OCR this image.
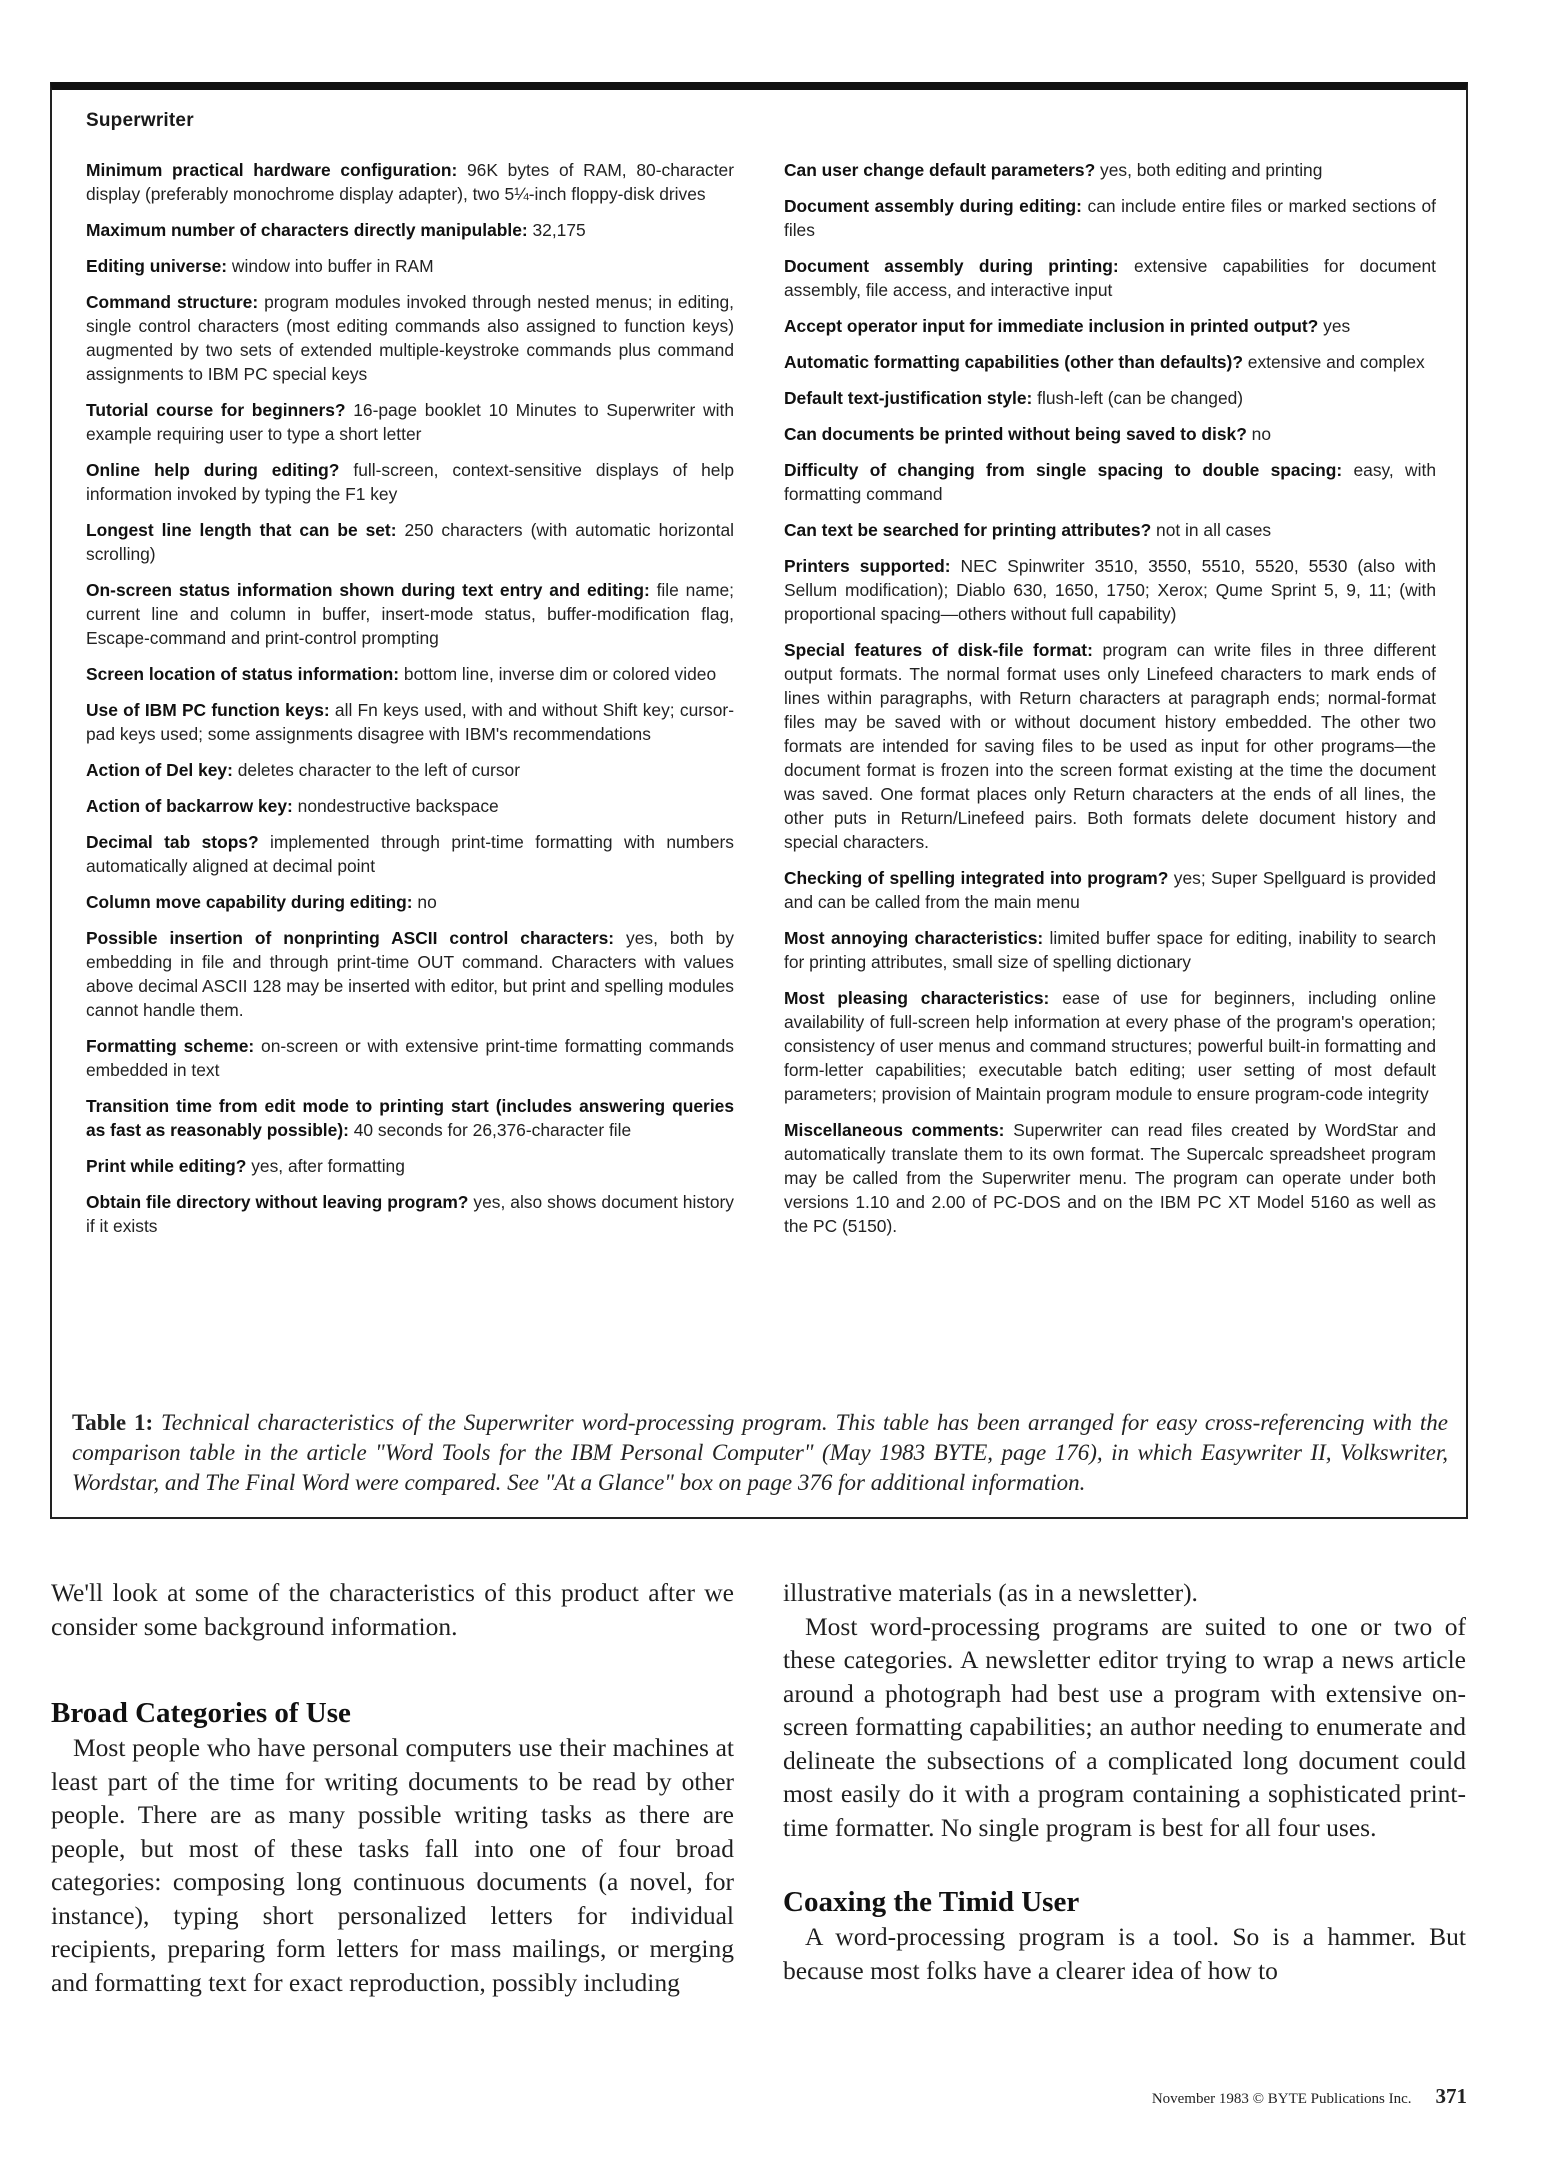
Superwriter

Minimum practical hardware configuration: 96K bytes of RAM, 80-character display (preferably monochrome display adapter), two 5¼-inch floppy-disk drives

Maximum number of characters directly manipulable: 32,175

Editing universe: window into buffer in RAM

Command structure: program modules invoked through nested menus; in editing, single control characters (most editing commands also assigned to function keys) augmented by two sets of extended multiple-keystroke commands plus command assignments to IBM PC special keys

Tutorial course for beginners? 16-page booklet 10 Minutes to Superwriter with example requiring user to type a short letter

Online help during editing? full-screen, context-sensitive displays of help information invoked by typing the F1 key

Longest line length that can be set: 250 characters (with automatic horizontal scrolling)

On-screen status information shown during text entry and editing: file name; current line and column in buffer, insert-mode status, buffer-modification flag, Escape-command and print-control prompting

Screen location of status information: bottom line, inverse dim or colored video

Use of IBM PC function keys: all Fn keys used, with and without Shift key; cursor-pad keys used; some assignments disagree with IBM's recommendations

Action of Del key: deletes character to the left of cursor

Action of backarrow key: nondestructive backspace

Decimal tab stops? implemented through print-time formatting with numbers automatically aligned at decimal point

Column move capability during editing: no

Possible insertion of nonprinting ASCII control characters: yes, both by embedding in file and through print-time OUT command. Characters with values above decimal ASCII 128 may be inserted with editor, but print and spelling modules cannot handle them.

Formatting scheme: on-screen or with extensive print-time formatting commands embedded in text

Transition time from edit mode to printing start (includes answering queries as fast as reasonably possible): 40 seconds for 26,376-character file

Print while editing? yes, after formatting

Obtain file directory without leaving program? yes, also shows document history if it exists

Can user change default parameters? yes, both editing and printing

Document assembly during editing: can include entire files or marked sections of files

Document assembly during printing: extensive capabilities for document assembly, file access, and interactive input

Accept operator input for immediate inclusion in printed output? yes

Automatic formatting capabilities (other than defaults)? extensive and complex

Default text-justification style: flush-left (can be changed)

Can documents be printed without being saved to disk? no

Difficulty of changing from single spacing to double spacing: easy, with formatting command

Can text be searched for printing attributes? not in all cases

Printers supported: NEC Spinwriter 3510, 3550, 5510, 5520, 5530 (also with Sellum modification); Diablo 630, 1650, 1750; Xerox; Qume Sprint 5, 9, 11; (with proportional spacing—others without full capability)

Special features of disk-file format: program can write files in three different output formats. The normal format uses only Linefeed characters to mark ends of lines within paragraphs, with Return characters at paragraph ends; normal-format files may be saved with or without document history embedded. The other two formats are intended for saving files to be used as input for other programs—the document format is frozen into the screen format existing at the time the document was saved. One format places only Return characters at the ends of all lines, the other puts in Return/Linefeed pairs. Both formats delete document history and special characters.

Checking of spelling integrated into program? yes; Super Spellguard is provided and can be called from the main menu

Most annoying characteristics: limited buffer space for editing, inability to search for printing attributes, small size of spelling dictionary

Most pleasing characteristics: ease of use for beginners, including online availability of full-screen help information at every phase of the program's operation; consistency of user menus and command structures; powerful built-in formatting and form-letter capabilities; executable batch editing; user setting of most default parameters; provision of Maintain program module to ensure program-code integrity

Miscellaneous comments: Superwriter can read files created by WordStar and automatically translate them to its own format. The Supercalc spreadsheet program may be called from the Superwriter menu. The program can operate under both versions 1.10 and 2.00 of PC-DOS and on the IBM PC XT Model 5160 as well as the PC (5150).

Table 1: Technical characteristics of the Superwriter word-processing program. This table has been arranged for easy cross-referencing with the comparison table in the article "Word Tools for the IBM Personal Computer" (May 1983 BYTE, page 176), in which Easywriter II, Volkswriter, Wordstar, and The Final Word were compared. See "At a Glance" box on page 376 for additional information.

We'll look at some of the characteristics of this product after we consider some background information.

Broad Categories of Use

Most people who have personal computers use their machines at least part of the time for writing documents to be read by other people. There are as many possible writing tasks as there are people, but most of these tasks fall into one of four broad categories: composing long continuous documents (a novel, for instance), typing short personalized letters for individual recipients, preparing form letters for mass mailings, or merging and formatting text for exact reproduction, possibly including

illustrative materials (as in a newsletter).

Most word-processing programs are suited to one or two of these categories. A newsletter editor trying to wrap a news article around a photograph had best use a program with extensive on-screen formatting capabilities; an author needing to enumerate and delineate the subsections of a complicated long document could most easily do it with a program containing a sophisticated print-time formatter. No single program is best for all four uses.

Coaxing the Timid User

A word-processing program is a tool. So is a hammer. But because most folks have a clearer idea of how to

November 1983 © BYTE Publications Inc. 371
